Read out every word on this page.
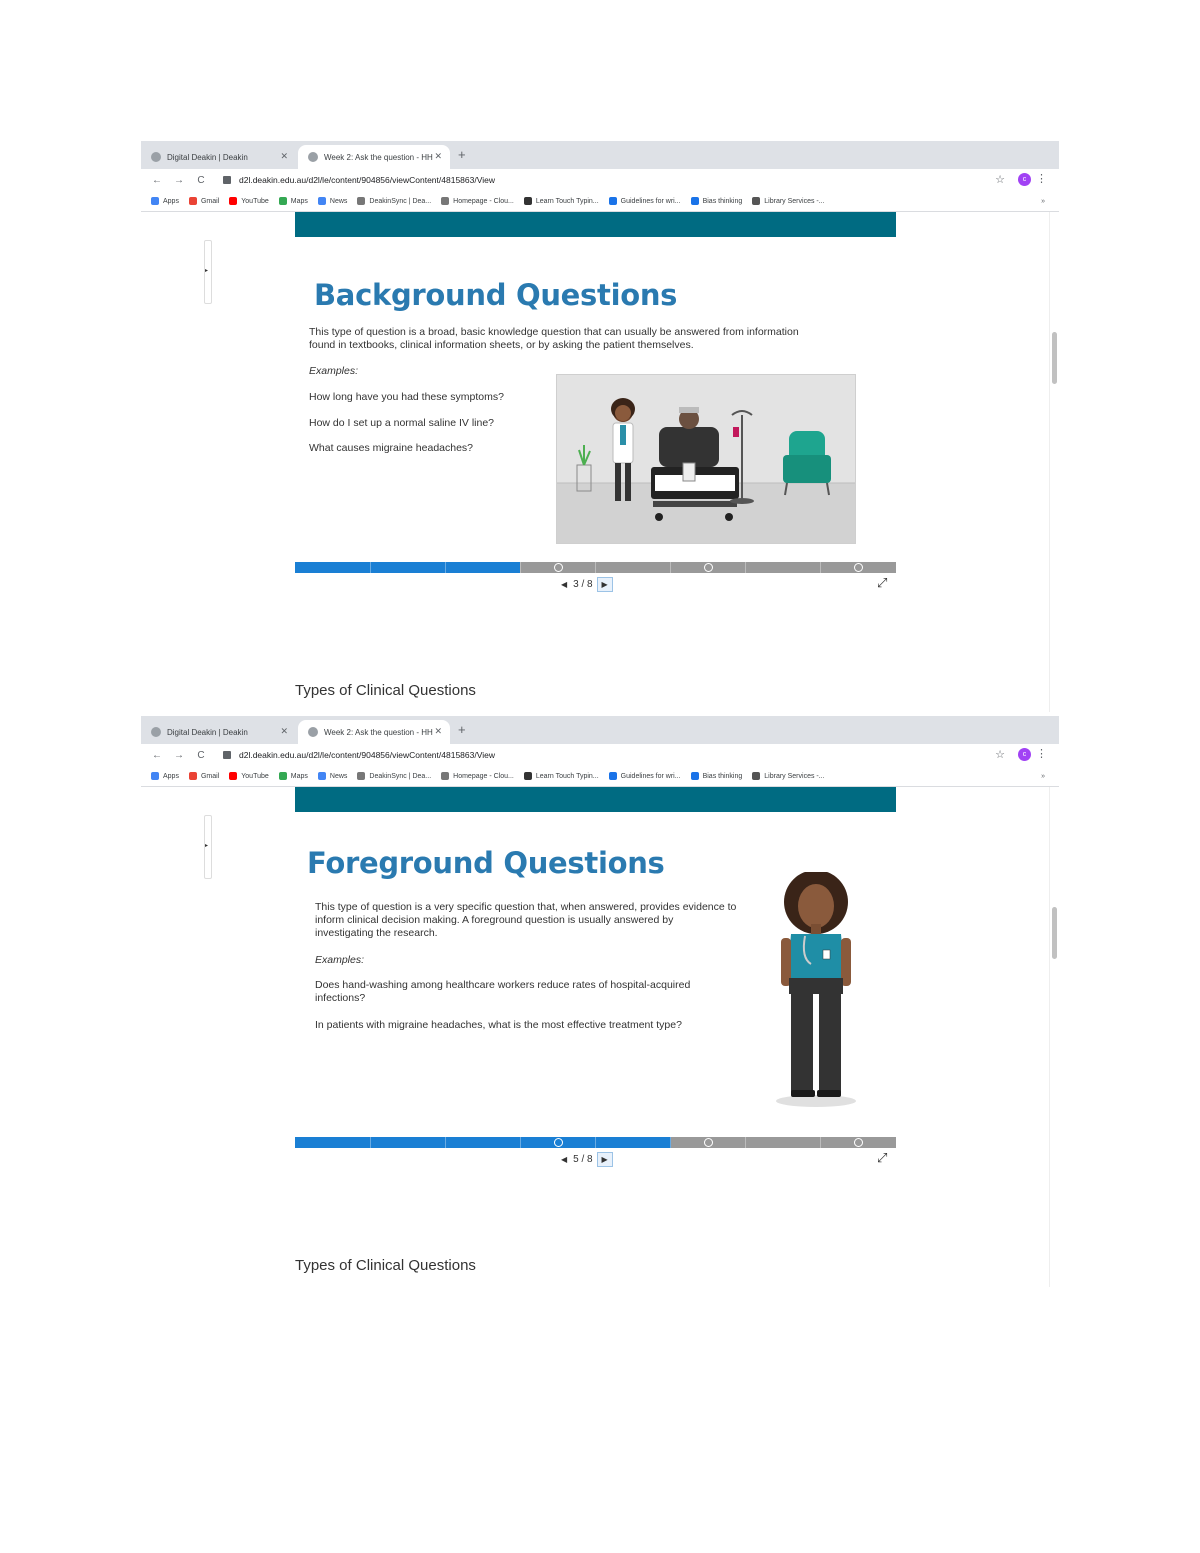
Digital Deakin | Deakin	✕	Week 2: Ask the question - HH ✕ +
← → C	d2l.deakin.edu.au/d2l/le/content/904856/viewContent/4815863/View	☆	c ⋮
Apps	Gmail	YouTube	Maps	News	DeakinSync | Dea...	Homepage - Clou...	Learn Touch Typin...	Guidelines for wri...	Bias thinking	Library Services -...	»
▸
Background Questions
This type of question is a broad, basic knowledge question that can usually be answered from information
found in textbooks, clinical information sheets, or by asking the patient themselves.
Examples:
How long have you had these symptoms?
How do I set up a normal saline IV line?
What causes migraine headaches?
◀ 3 / 8	▶	⤢
Types of Clinical Questions
Digital Deakin | Deakin	✕	Week 2: Ask the question - HH ✕ +
← → C	d2l.deakin.edu.au/d2l/le/content/904856/viewContent/4815863/View	☆	c ⋮
Apps	Gmail	YouTube	Maps	News	DeakinSync | Dea...	Homepage - Clou...	Learn Touch Typin...	Guidelines for wri...	Bias thinking	Library Services -...	»
▸	Foreground Questions
This type of question is a very specific question that, when answered, provides evidence to
inform clinical decision making. A foreground question is usually answered by
investigating the research.
Examples:
Does hand-washing among healthcare workers reduce rates of hospital-acquired
infections?
In patients with migraine headaches, what is the most effective treatment type?
◀ 5 / 8	▶	⤢
Types of Clinical Questions
